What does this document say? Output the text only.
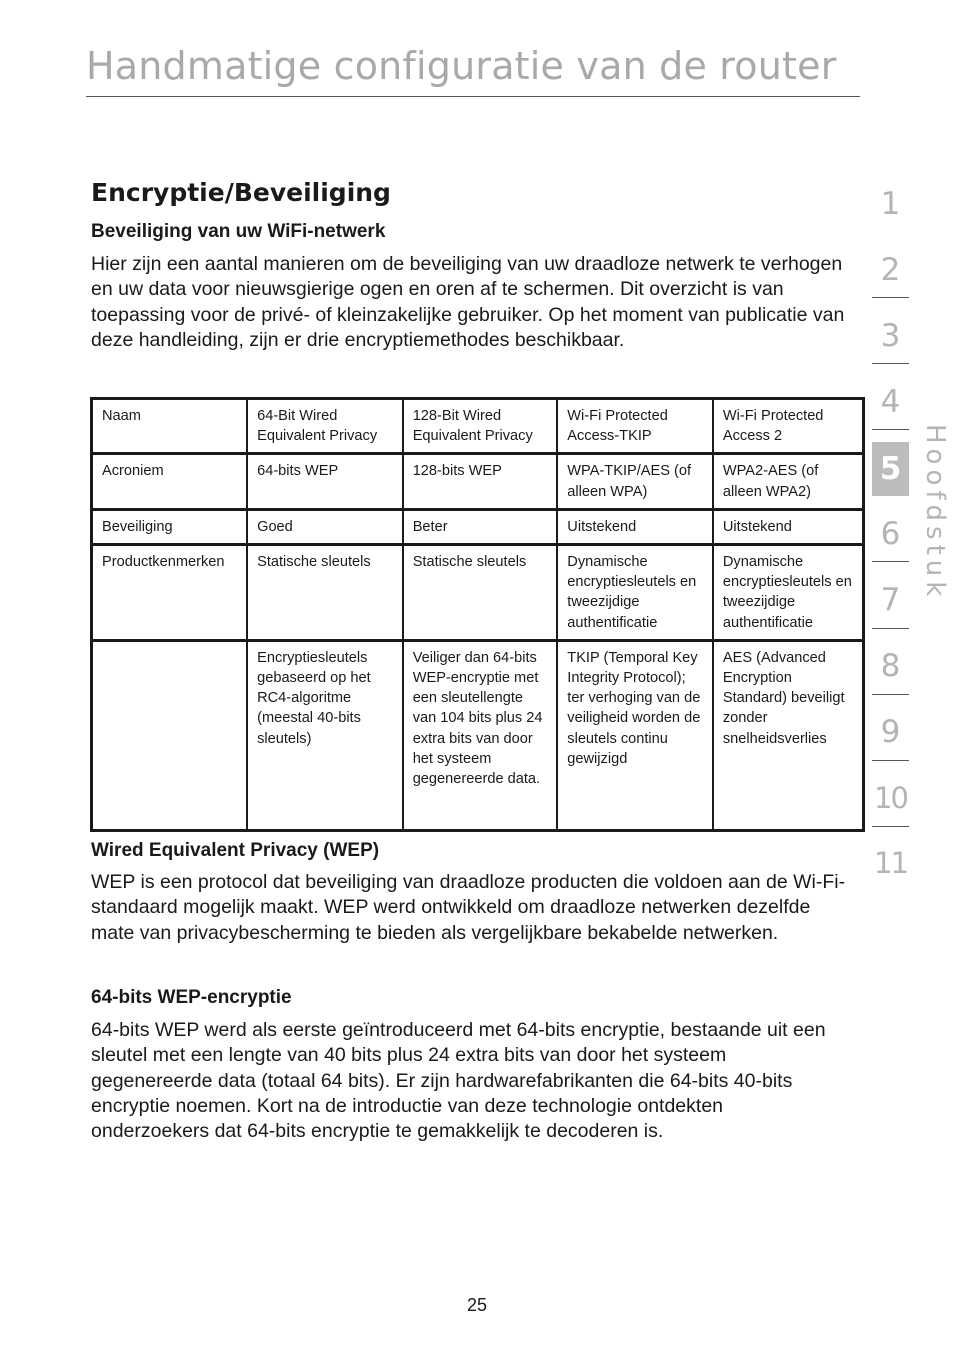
Handmatige configuratie van de router
Encryptie/Beveiliging
Beveiliging van uw WiFi-netwerk

Hier zijn een aantal manieren om de beveiliging van uw draadloze netwerk te verhogen en uw data voor nieuwsgierige ogen en oren af te schermen. Dit overzicht is van toepassing voor de privé- of kleinzakelijke gebruiker. Op het moment van publicatie van deze handleiding, zijn er drie encryptiemethodes beschikbaar.

Naam	64-Bit Wired Equivalent Privacy	128-Bit Wired Equivalent Privacy	Wi-Fi Protected Access-TKIP	Wi-Fi Protected Access 2
Acroniem	64-bits WEP	128-bits WEP	WPA-TKIP/AES (of alleen WPA)	WPA2-AES (of alleen WPA2)
Beveiliging	Goed	Beter	Uitstekend	Uitstekend
Productkenmerken	Statische sleutels	Statische sleutels	Dynamische encryptiesleutels en tweezijdige authentificatie	Dynamische encryptiesleutels en tweezijdige authentificatie
	Encryptiesleutels gebaseerd op het RC4-algoritme (meestal 40-bits sleutels)	Veiliger dan 64-bits WEP-encryptie met een sleutellengte van 104 bits plus 24 extra bits van door het systeem gegenereerde data.	TKIP (Temporal Key Integrity Protocol); ter verhoging van de veiligheid worden de sleutels continu gewijzigd	AES (Advanced Encryption Standard) beveiligt zonder snelheidsverlies
Wired Equivalent Privacy (WEP)

WEP is een protocol dat beveiliging van draadloze producten die voldoen aan de Wi-Fi-standaard mogelijk maakt. WEP werd ontwikkeld om draadloze netwerken dezelfde mate van privacybescherming te bieden als vergelijkbare bekabelde netwerken.

64-bits WEP-encryptie

64-bits WEP werd als eerste geïntroduceerd met 64-bits encryptie, bestaande uit een sleutel met een lengte van 40 bits plus 24 extra bits van door het systeem gegenereerde data (totaal 64 bits). Er zijn hardwarefabrikanten die 64-bits 40-bits encryptie noemen. Kort na de introductie van deze technologie ontdekten onderzoekers dat 64-bits encryptie te gemakkelijk te decoderen is.

1
2
3
4
5
6
7
8
9
10
11
Hoofdstuk
25
